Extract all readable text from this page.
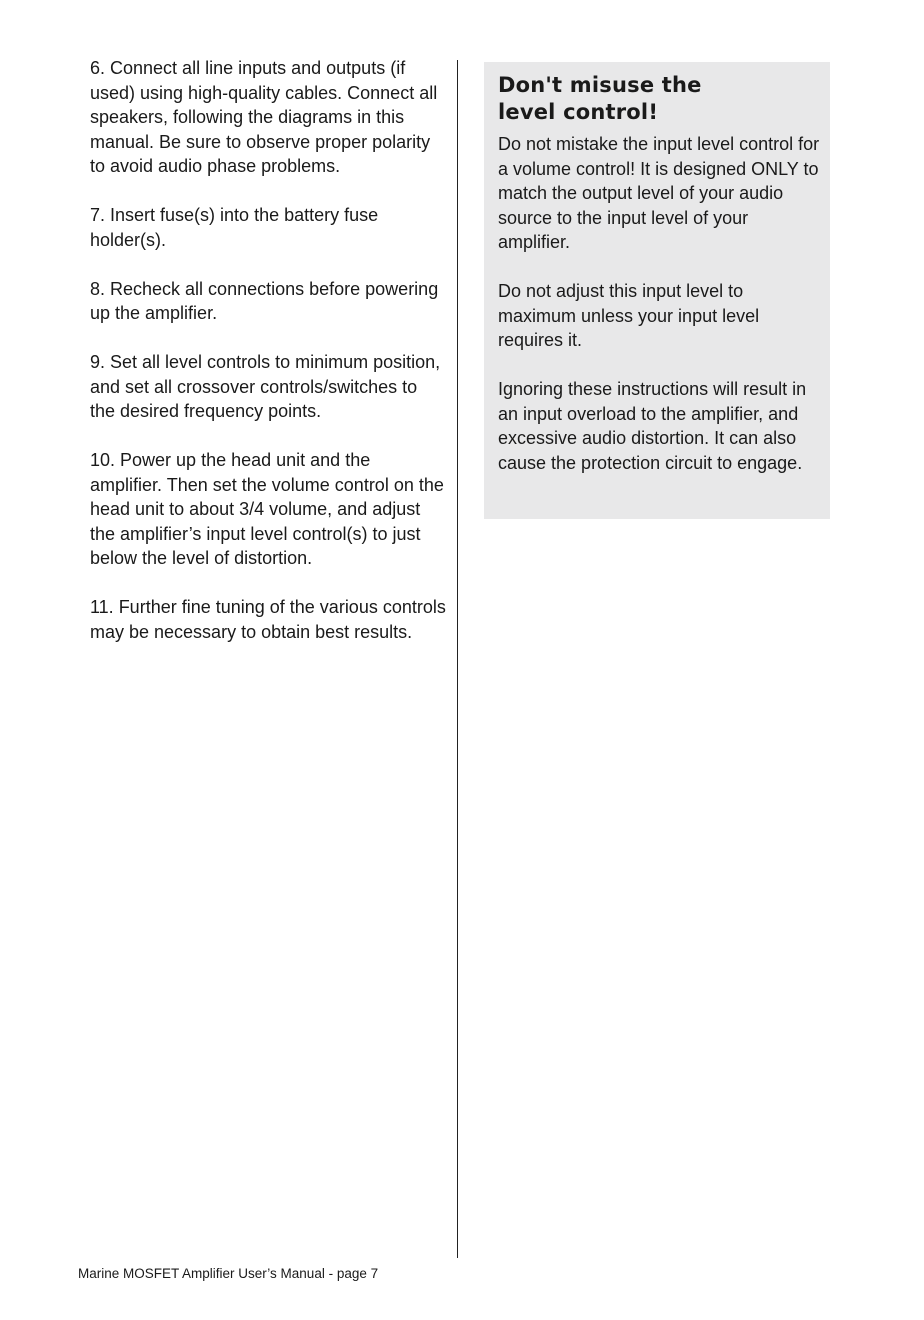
6. Connect all line inputs and outputs (if used) using high-quality cables. Connect all speakers, following the diagrams in this manual. Be sure to observe proper polarity to avoid audio phase problems.

7. Insert fuse(s) into the battery fuse holder(s).

8. Recheck all connections before powering up the amplifier.

9. Set all level controls to minimum position, and set all crossover controls/switches to the desired frequency points.

10. Power up the head unit and the amplifier. Then set the volume control on the head unit to about 3/4 volume, and adjust the amplifier’s input level control(s) to just below the level of distortion.

11. Further fine tuning of the various controls may be necessary to obtain best results.

Don't misuse the
level control!

Do not mistake the input level control for a volume control! It is designed ONLY to match the output level of your audio source to the input level of your amplifier.

Do not adjust this input level to maximum unless your input level requires it.

Ignoring these instructions will result in an input overload to the amplifier, and excessive audio distortion. It can also cause the protection circuit to engage.

Marine MOSFET Amplifier User’s Manual - page 7
